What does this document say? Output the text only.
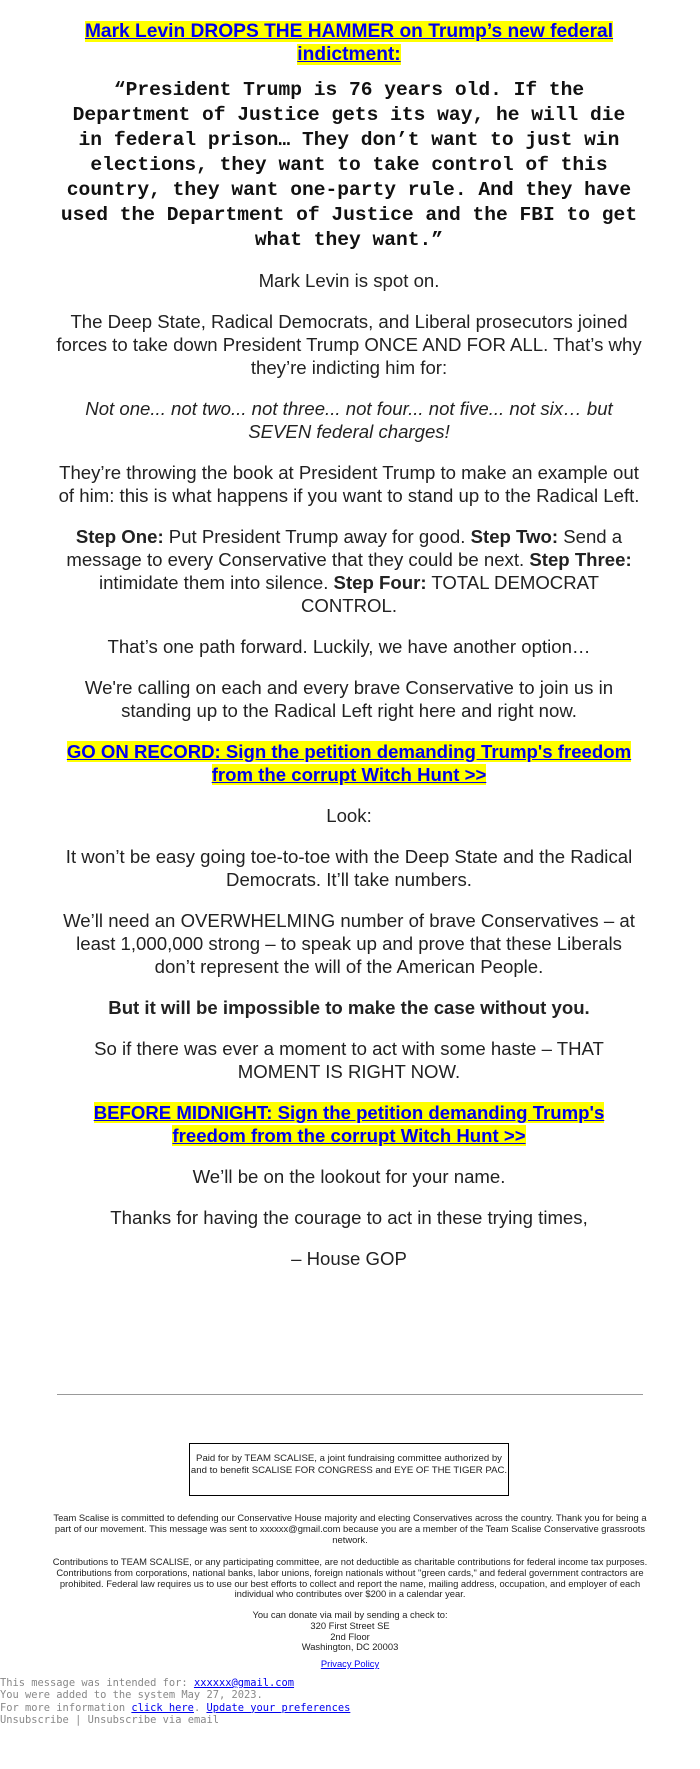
Mark Levin DROPS THE HAMMER on Trump’s new federal indictment:

“President Trump is 76 years old. If the Department of Justice gets its way, he will die in federal prison… They don’t want to just win elections, they want to take control of this country, they want one-party rule. And they have used the Department of Justice and the FBI to get what they want.”

Mark Levin is spot on.

The Deep State, Radical Democrats, and Liberal prosecutors joined forces to take down President Trump ONCE AND FOR ALL. That’s why they’re indicting him for:

Not one... not two... not three... not four... not five... not six… but SEVEN federal charges!

They’re throwing the book at President Trump to make an example out of him: this is what happens if you want to stand up to the Radical Left.

Step One: Put President Trump away for good. Step Two: Send a message to every Conservative that they could be next. Step Three: intimidate them into silence. Step Four: TOTAL DEMOCRAT CONTROL.

That’s one path forward. Luckily, we have another option…

We're calling on each and every brave Conservative to join us in standing up to the Radical Left right here and right now.

GO ON RECORD: Sign the petition demanding Trump's freedom from the corrupt Witch Hunt >>

Look:

It won’t be easy going toe-to-toe with the Deep State and the Radical Democrats. It’ll take numbers.

We’ll need an OVERWHELMING number of brave Conservatives – at least 1,000,000 strong – to speak up and prove that these Liberals don’t represent the will of the American People.

But it will be impossible to make the case without you.

So if there was ever a moment to act with some haste – THAT MOMENT IS RIGHT NOW.

BEFORE MIDNIGHT: Sign the petition demanding Trump's freedom from the corrupt Witch Hunt >>

We’ll be on the lookout for your name.

Thanks for having the courage to act in these trying times,

– House GOP

Paid for by TEAM SCALISE, a joint fundraising committee authorized by and to benefit SCALISE FOR CONGRESS and EYE OF THE TIGER PAC.

Team Scalise is committed to defending our Conservative House majority and electing Conservatives across the country. Thank you for being a part of our movement. This message was sent to xxxxxx@gmail.com because you are a member of the Team Scalise Conservative grassroots network.

Contributions to TEAM SCALISE, or any participating committee, are not deductible as charitable contributions for federal income tax purposes. Contributions from corporations, national banks, labor unions, foreign nationals without "green cards," and federal government contractors are prohibited. Federal law requires us to use our best efforts to collect and report the name, mailing address, occupation, and employer of each individual who contributes over $200 in a calendar year.

You can donate via mail by sending a check to:
320 First Street SE
2nd Floor
Washington, DC 20003

Privacy Policy

This message was intended for: xxxxxx@gmail.com
You were added to the system May 27, 2023.
For more information click here. Update your preferences
Unsubscribe | Unsubscribe via email
